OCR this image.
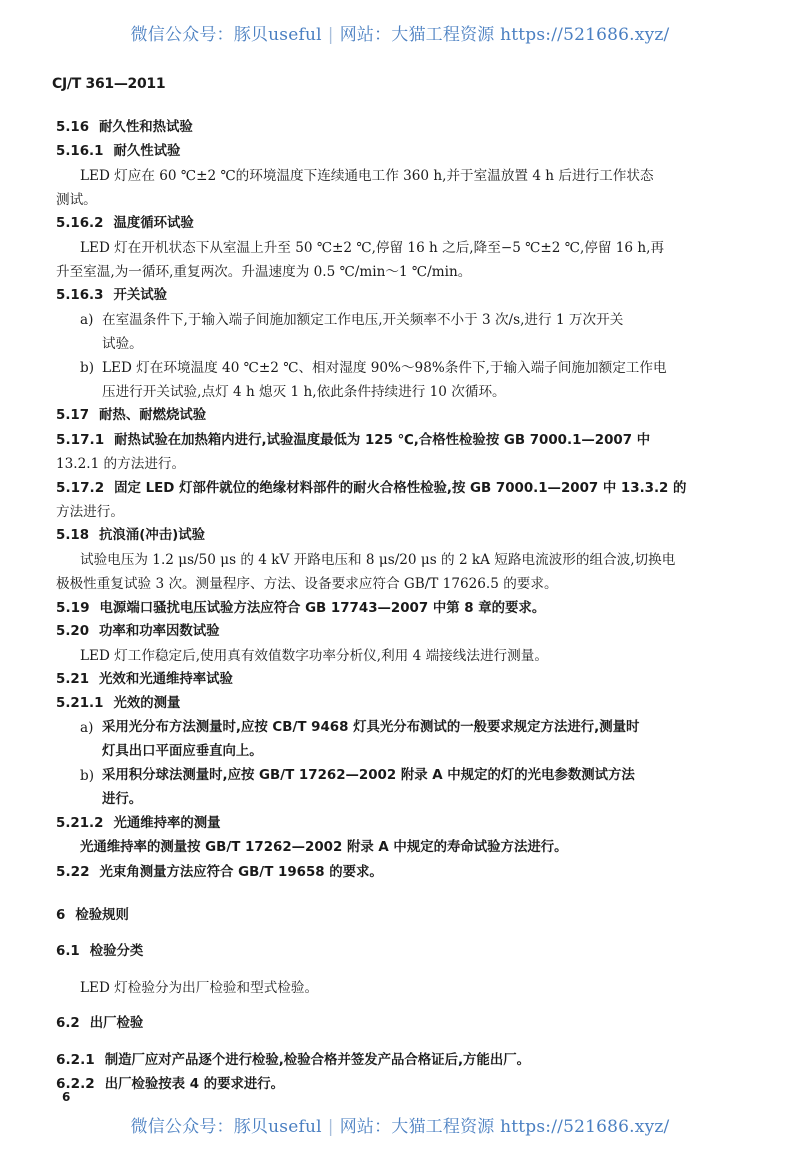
微信公众号：豚贝useful | 网站：大猫工程资源 https://521686.xyz/
CJ/T 361—2011
5.16 耐久性和热试验
5.16.1 耐久性试验
LED 灯应在 60 ℃±2 ℃的环境温度下连续通电工作 360 h,并于室温放置 4 h 后进行工作状态
测试。
5.16.2 温度循环试验
LED 灯在开机状态下从室温上升至 50 ℃±2 ℃,停留 16 h 之后,降至−5 ℃±2 ℃,停留 16 h,再
升至室温,为一循环,重复两次。升温速度为 0.5 ℃/min～1 ℃/min。
5.16.3 开关试验
a) 在室温条件下,于输入端子间施加额定工作电压,开关频率不小于 3 次/s,进行 1 万次开关
试验。
b) LED 灯在环境温度 40 ℃±2 ℃、相对湿度 90%～98%条件下,于输入端子间施加额定工作电
压进行开关试验,点灯 4 h 熄灭 1 h,依此条件持续进行 10 次循环。
5.17 耐热、耐燃烧试验
5.17.1 耐热试验在加热箱内进行,试验温度最低为 125 ℃,合格性检验按 GB 7000.1—2007 中
13.2.1 的方法进行。
5.17.2 固定 LED 灯部件就位的绝缘材料部件的耐火合格性检验,按 GB 7000.1—2007 中 13.3.2 的
方法进行。
5.18 抗浪涌(冲击)试验
试验电压为 1.2 μs/50 μs 的 4 kV 开路电压和 8 μs/20 μs 的 2 kA 短路电流波形的组合波,切换电
极极性重复试验 3 次。测量程序、方法、设备要求应符合 GB/T 17626.5 的要求。
5.19 电源端口骚扰电压试验方法应符合 GB 17743—2007 中第 8 章的要求。
5.20 功率和功率因数试验
LED 灯工作稳定后,使用真有效值数字功率分析仪,利用 4 端接线法进行测量。
5.21 光效和光通维持率试验
5.21.1 光效的测量
a) 采用光分布方法测量时,应按 CB/T 9468 灯具光分布测试的一般要求规定方法进行,测量时
灯具出口平面应垂直向上。
b) 采用积分球法测量时,应按 GB/T 17262—2002 附录 A 中规定的灯的光电参数测试方法
进行。
5.21.2 光通维持率的测量
光通维持率的测量按 GB/T 17262—2002 附录 A 中规定的寿命试验方法进行。
5.22 光束角测量方法应符合 GB/T 19658 的要求。
6 检验规则
6.1 检验分类
LED 灯检验分为出厂检验和型式检验。
6.2 出厂检验
6.2.1 制造厂应对产品逐个进行检验,检验合格并签发产品合格证后,方能出厂。
6.2.2 出厂检验按表 4 的要求进行。
6
微信公众号：豚贝useful | 网站：大猫工程资源 https://521686.xyz/
